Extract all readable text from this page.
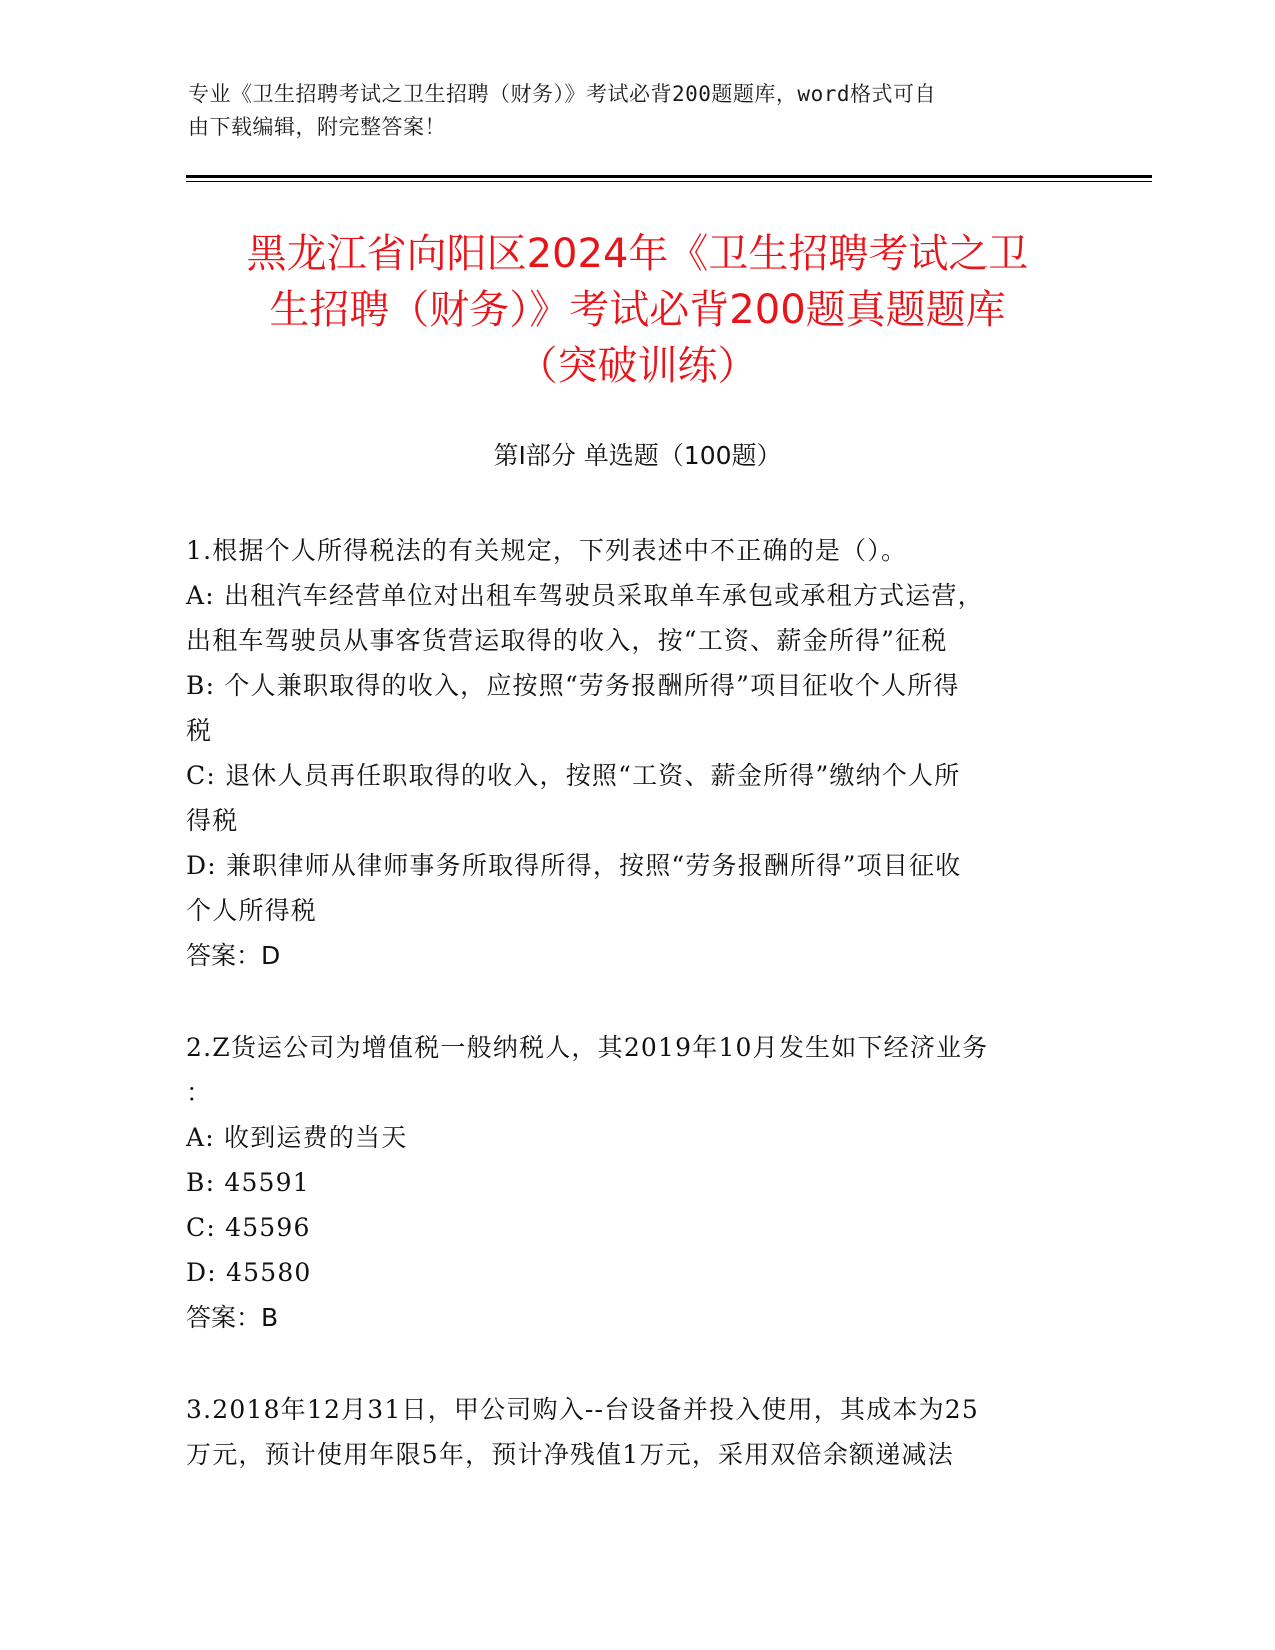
专业《卫生招聘考试之卫生招聘（财务）》考试必背200题题库，word格式可自
由下载编辑，附完整答案！
黑龙江省向阳区2024年《卫生招聘考试之卫
生招聘（财务）》考试必背200题真题题库
（突破训练）
第Ⅰ部分 单选题（100题）
1.根据个人所得税法的有关规定，下列表述中不正确的是（）。
A: 出租汽车经营单位对出租车驾驶员采取单车承包或承租方式运营，
出租车驾驶员从事客货营运取得的收入，按“工资、薪金所得”征税
B: 个人兼职取得的收入，应按照“劳务报酬所得”项目征收个人所得
税
C: 退休人员再任职取得的收入，按照“工资、薪金所得”缴纳个人所
得税
D: 兼职律师从律师事务所取得所得，按照“劳务报酬所得”项目征收
个人所得税
答案：D
2.Z货运公司为增值税一般纳税人，其2019年10月发生如下经济业务
：
A: 收到运费的当天
B: 45591
C: 45596
D: 45580
答案：B
3.2018年12月31日，甲公司购入--台设备并投入使用，其成本为25
万元，预计使用年限5年，预计净残值1万元，采用双倍余额递减法
